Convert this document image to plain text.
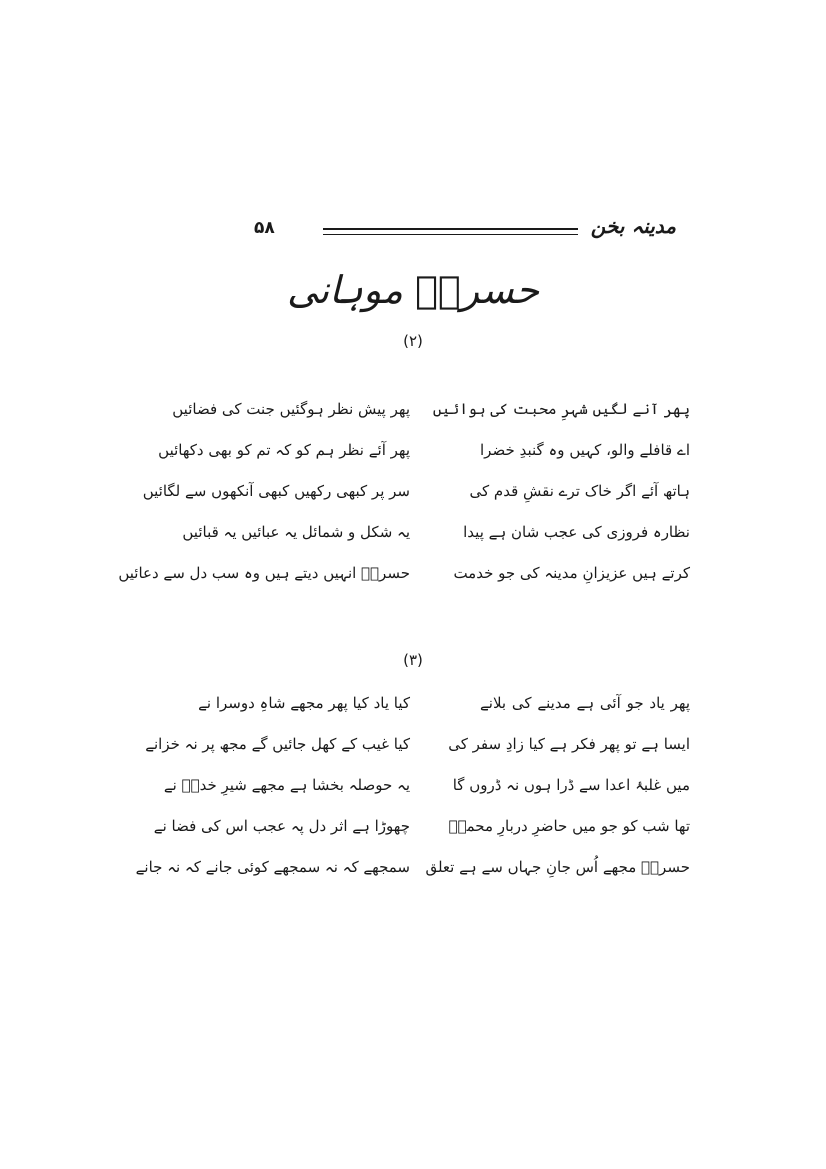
۵۸	مدینہ بخن
حسرتؔ موہانی
(۲)
پھر آنے لگیں شہرِ محبت کی ہوائیں
پھر پیش نظر ہوگئیں جنت کی فضائیں
اے قافلے والو، کہیں وہ گنبدِ خضرا
پھر آئے نظر ہم کو کہ تم کو بھی دکھائیں
ہاتھ آئے اگر خاک ترے نقشِ قدم کی
سر پر کبھی رکھیں کبھی آنکھوں سے لگائیں
نظارہ فروزی کی عجب شان ہے پیدا
یہ شکل و شمائل یہ عبائیں یہ قبائیں
کرتے ہیں عزیزانِ مدینہ کی جو خدمت
حسرتؔ انہیں دیتے ہیں وہ سب دل سے دعائیں
(۳)
پھر یاد جو آئی ہے مدینے کی بلانے
کیا یاد کیا پھر مجھے شاہِ دوسرا نے
ایسا ہے تو پھر فکر ہے کیا زادِ سفر کی
کیا غیب کے کھل جائیں گے مجھ پر نہ خزانے
میں غلبۂ اعدا سے ڈرا ہوں نہ ڈروں گا
یہ حوصلہ بخشا ہے مجھے شیرِ خداؑ نے
تھا شب کو جو میں حاضرِ دربارِ محمدؐ
چھوڑا ہے اثر دل پہ عجب اس کی فضا نے
حسرتؔ مجھے اُس جانِ جہاں سے ہے تعلق
سمجھے کہ نہ سمجھے کوئی جانے کہ نہ جانے
